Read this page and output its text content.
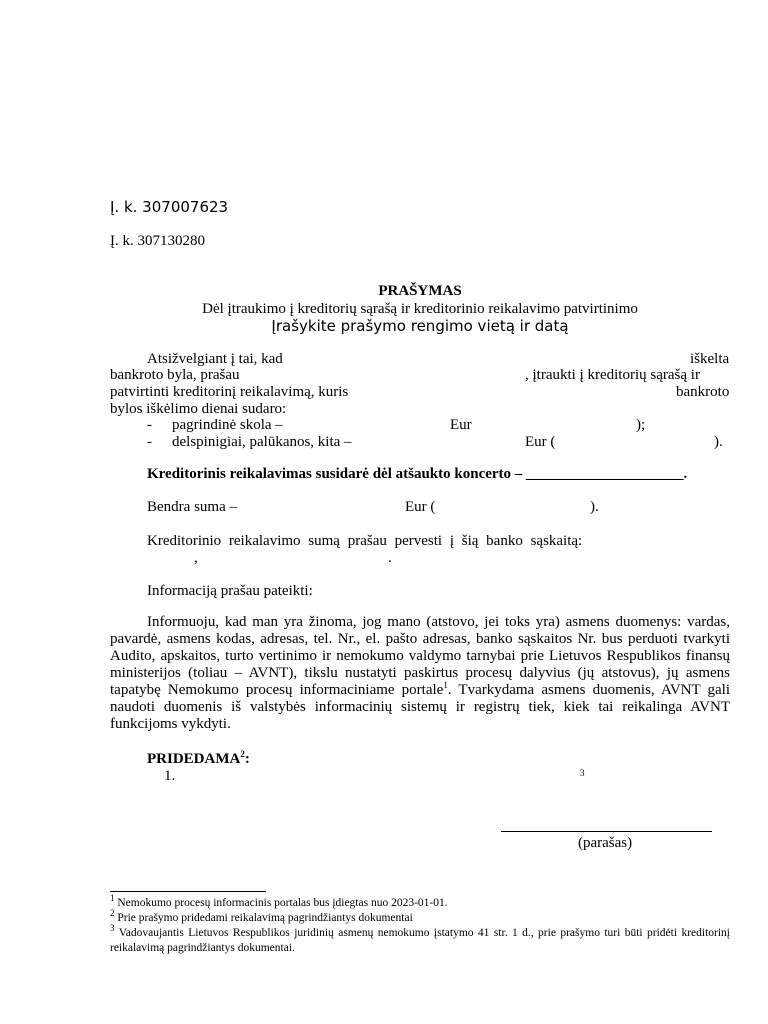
Į. k. 307007623
Į. k. 307130280
PRAŠYMAS
Dėl įtraukimo į kreditorių sąrašą ir kreditorinio reikalavimo patvirtinimo
Įrašykite prašymo rengimo vietą ir datą
Atsižvelgiant į tai, kad	iškelta
bankroto byla, prašau	, įtraukti į kreditorių sąrašą ir
patvirtinti kreditorinį reikalavimą, kuris	bankroto
bylos iškėlimo dienai sudaro:
- pagrindinė skola –	Eur	);
- delspinigiai, palūkanos, kita –	Eur (	).
Kreditorinis reikalavimas susidarė dėl atšaukto koncerto – _____________________.
Bendra suma –	Eur (	).
Kreditorinio reikalavimo sumą prašau pervesti į šią banko sąskaitą:
,	.
Informaciją prašau pateikti:
Informuoju, kad man yra žinoma, jog mano (atstovo, jei toks yra) asmens duomenys: vardas, pavardė, asmens kodas, adresas, tel. Nr., el. pašto adresas, banko sąskaitos Nr. bus perduoti tvarkyti Audito, apskaitos, turto vertinimo ir nemokumo valdymo tarnybai prie Lietuvos Respublikos finansų ministerijos (toliau – AVNT), tikslu nustatyti paskirtus procesų dalyvius (jų atstovus), jų asmens tapatybę Nemokumo procesų informaciniame portale$^1$. Tvarkydama asmens duomenis, AVNT gali naudoti duomenis iš valstybės informacinių sistemų ir registrų tiek, kiek tai reikalinga AVNT funkcijoms vykdyti.
PRIDEDAMA$^2$:
1.	3
(parašas)
$^1$ Nemokumo procesų informacinis portalas bus įdiegtas nuo 2023-01-01.
$^2$ Prie prašymo pridedami reikalavimą pagrindžiantys dokumentai
$^3$ Vadovaujantis Lietuvos Respublikos juridinių asmenų nemokumo įstatymo 41 str. 1 d., prie prašymo turi būti pridėti kreditorinį reikalavimą pagrindžiantys dokumentai.
